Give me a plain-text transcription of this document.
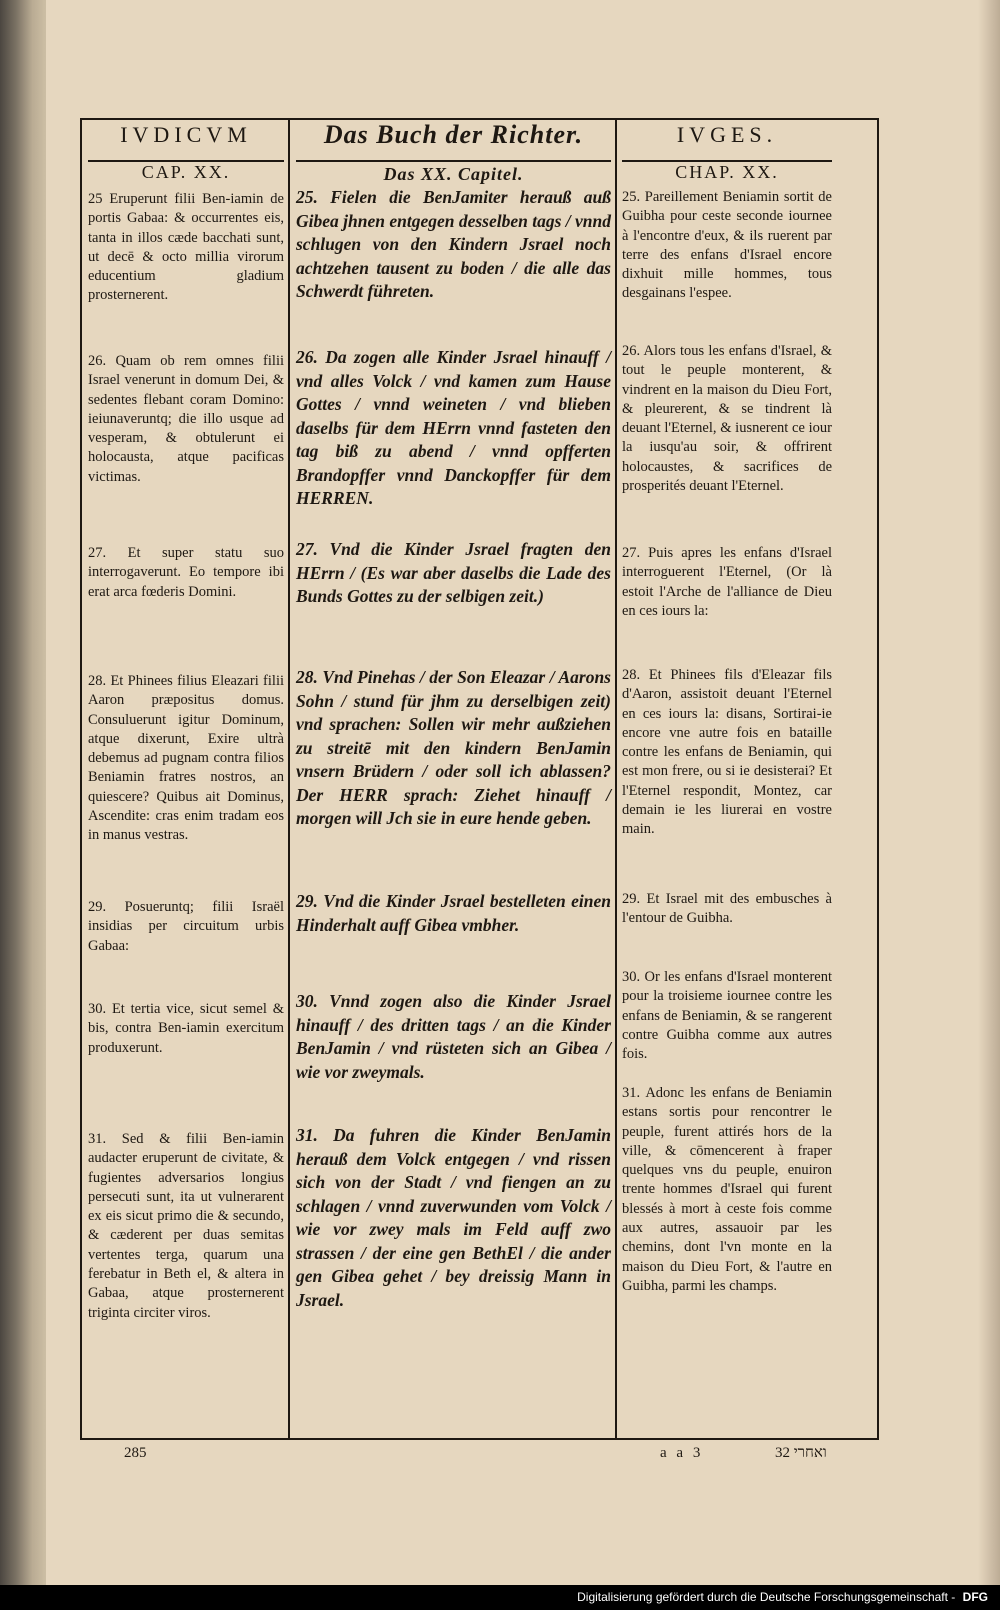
IVDICVM
CAP. XX.
25 Eruperunt filii Ben-iamin de portis Gabaa: & occurrentes eis, tanta in illos cæde bacchati sunt, ut decē & octo millia virorum educentium gladium prosternerent.
26. Quam ob rem omnes filii Israel venerunt in domum Dei, & sedentes flebant coram Domino: ieiunaveruntq; die illo usque ad vesperam, & obtulerunt ei holocausta, atque pacificas victimas.
27. Et super statu suo interrogaverunt. Eo tempore ibi erat arca fœderis Domini.
28. Et Phinees filius Eleazari filii Aaron præpositus domus. Consuluerunt igitur Dominum, atque dixerunt, Exire ultrà debemus ad pugnam contra filios Beniamin fratres nostros, an quiescere? Quibus ait Dominus, Ascendite: cras enim tradam eos in manus vestras.
29. Posueruntq; filii Israël insidias per circuitum urbis Gabaa:
30. Et tertia vice, sicut semel & bis, contra Ben-iamin exercitum produxerunt.
31. Sed & filii Ben-iamin audacter eruperunt de civitate, & fugientes adversarios longius persecuti sunt, ita ut vulnerarent ex eis sicut primo die & secundo, & cæderent per duas semitas vertentes terga, quarum una ferebatur in Beth el, & altera in Gabaa, atque prosternerent triginta circiter viros.
Das Buch der Richter.
Das XX. Capitel.
25. Fielen die BenJamiter herauß auß Gibea jhnen entgegen desselben tags / vnnd schlugen von den Kindern Jsrael noch achtzehen tausent zu boden / die alle das Schwerdt führeten.
26. Da zogen alle Kinder Jsrael hinauff / vnd alles Volck / vnd kamen zum Hause Gottes / vnnd weineten / vnd blieben daselbs für dem HErrn vnnd fasteten den tag biß zu abend / vnnd opfferten Brandopffer vnnd Danckopffer für dem HERREN.
27. Vnd die Kinder Jsrael fragten den HErrn / (Es war aber daselbs die Lade des Bunds Gottes zu der selbigen zeit.)
28. Vnd Pinehas / der Son Eleazar / Aarons Sohn / stund für jhm zu derselbigen zeit) vnd sprachen: Sollen wir mehr außziehen zu streitē mit den kindern BenJamin vnsern Brüdern / oder soll ich ablassen? Der HERR sprach: Ziehet hinauff / morgen will Jch sie in eure hende geben.
29. Vnd die Kinder Jsrael bestelleten einen Hinderhalt auff Gibea vmbher.
30. Vnnd zogen also die Kinder Jsrael hinauff / des dritten tags / an die Kinder BenJamin / vnd rüsteten sich an Gibea / wie vor zweymals.
31. Da fuhren die Kinder BenJamin herauß dem Volck entgegen / vnd rissen sich von der Stadt / vnd fiengen an zu schlagen / vnnd zuverwunden vom Volck / wie vor zwey mals im Feld auff zwo strassen / der eine gen BethEl / die ander gen Gibea gehet / bey dreissig Mann in Jsrael.
IVGES.
CHAP. XX.
25. Pareillement Beniamin sortit de Guibha pour ceste seconde iournee à l'encontre d'eux, & ils ruerent par terre des enfans d'Israel encore dixhuit mille hommes, tous desgainans l'espee.
26. Alors tous les enfans d'Israel, & tout le peuple monterent, & vindrent en la maison du Dieu Fort, & pleurerent, & se tindrent là deuant l'Eternel, & iusnerent ce iour la iusqu'au soir, & offrirent holocaustes, & sacrifices de prosperités deuant l'Eternel.
27. Puis apres les enfans d'Israel interroguerent l'Eternel, (Or là estoit l'Arche de l'alliance de Dieu en ces iours la:
28. Et Phinees fils d'Eleazar fils d'Aaron, assistoit deuant l'Eternel en ces iours la: disans, Sortirai-ie encore vne autre fois en bataille contre les enfans de Beniamin, qui est mon frere, ou si ie desisterai? Et l'Eternel respondit, Montez, car demain ie les liurerai en vostre main.
29. Et Israel mit des embusches à l'entour de Guibha.
30. Or les enfans d'Israel monterent pour la troisieme iournee contre les enfans de Beniamin, & se rangerent contre Guibha comme aux autres fois.
31. Adonc les enfans de Beniamin estans sortis pour rencontrer le peuple, furent attirés hors de la ville, & cōmencerent à fraper quelques vns du peuple, enuiron trente hommes d'Israel qui furent blessés à mort à ceste fois comme aux autres, assauoir par les chemins, dont l'vn monte en la maison du Dieu Fort, & l'autre en Guibha, parmi les champs.
285	a a 3	ואחרי 32
Digitalisierung gefördert durch die Deutsche Forschungsgemeinschaft - DFG
